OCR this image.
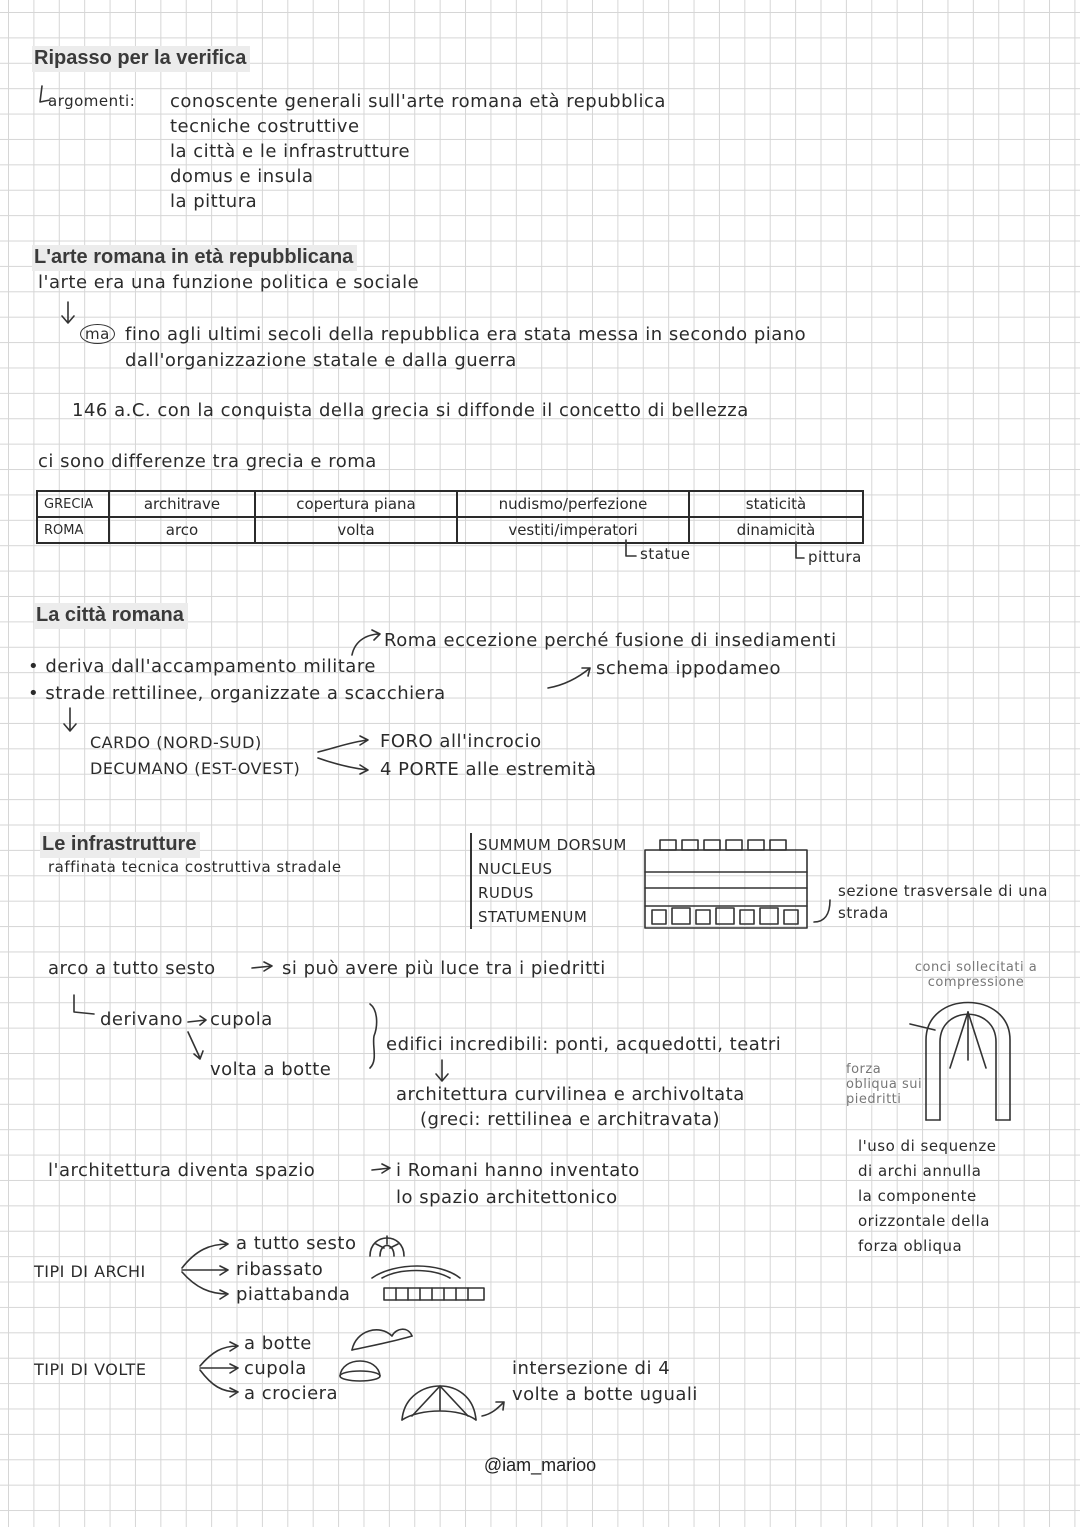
Ripasso per la verifica
argomenti: conoscente generali sull'arte romana età repubblica
tecniche costruttive
la città e le infrastrutture
domus e insula
la pittura
L'arte romana in età repubblicana
l'arte era una funzione politica e sociale
ma fino agli ultimi secoli della repubblica era stata messa in secondo piano
dall'organizzazione statale e dalla guerra
146 a.C. con la conquista della grecia si diffonde il concetto di bellezza
ci sono differenze tra grecia e roma
GRECIA	architrave	copertura piana	nudismo/perfezione	staticità
ROMA	arco	volta	vestiti/imperatori	dinamicità
statue	pittura
La città romana
Roma eccezione perché fusione di insediamenti
• deriva dall'accampamento militare
• strade rettilinee, organizzate a scacchiera
schema ippodameo
CARDO (NORD-SUD)
DECUMANO (EST-OVEST)
FORO all'incrocio
4 PORTE alle estremità
Le infrastrutture
raffinata tecnica costruttiva stradale
SUMMUM DORSUM
NUCLEUS
RUDUS
STATUMENUM
sezione trasversale di una strada
arco a tutto sesto	si può avere più luce tra i piedritti
derivano cupola
volta a botte
edifici incredibili: ponti, acquedotti, teatri
architettura curvilinea e archivoltata
(greci: rettilinea e architravata)
conci sollecitati a compressione
forza obliqua sui piedritti
l'uso di sequenze
di archi annulla
la componente
orizzontale della
forza obliqua
l'architettura diventa spazio	i Romani hanno inventato
lo spazio architettonico
TIPI DI ARCHI
a tutto sesto
ribassato
piattabanda
TIPI DI VOLTE
a botte
cupola
a crociera
intersezione di 4
volte a botte uguali
@iam_marioo
